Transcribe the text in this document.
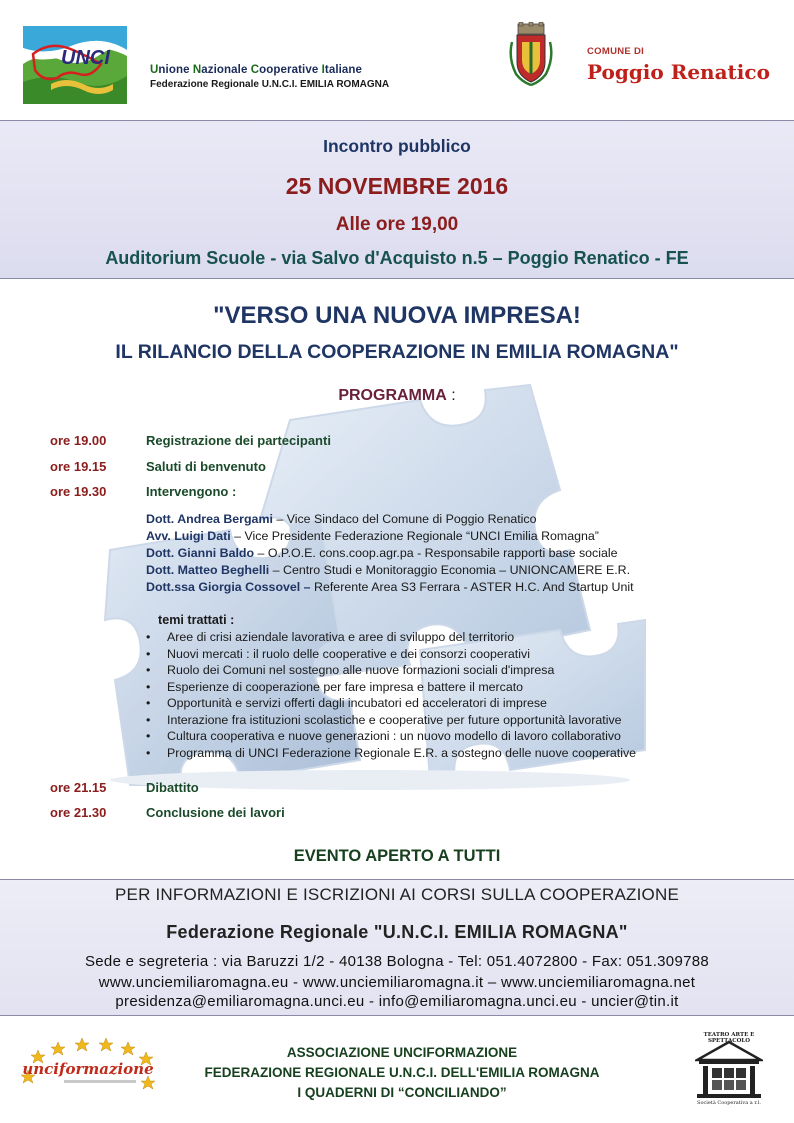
UNCI
Unione Nazionale Cooperative Italiane
Federazione Regionale U.N.C.I. EMILIA ROMAGNA
COMUNE DI
Poggio Renatico
Incontro pubblico
25 NOVEMBRE 2016
Alle ore 19,00
Auditorium Scuole - via Salvo d'Acquisto n.5 – Poggio Renatico - FE
"VERSO UNA NUOVA IMPRESA!
IL RILANCIO DELLA COOPERAZIONE IN EMILIA ROMAGNA"
PROGRAMMA :
ore 19.00	Registrazione dei partecipanti
ore 19.15	Saluti di benvenuto
ore 19.30	Intervengono :
Dott. Andrea Bergami – Vice Sindaco del Comune di Poggio Renatico
Avv. Luigi Dati – Vice Presidente Federazione Regionale “UNCI Emilia Romagna”
Dott. Gianni Baldo – O.P.O.E. cons.coop.agr.pa - Responsabile rapporti base sociale
Dott. Matteo Beghelli – Centro Studi e Monitoraggio Economia – UNIONCAMERE E.R.
Dott.ssa Giorgia Cossovel – Referente Area S3 Ferrara - ASTER H.C. And Startup Unit
temi trattati :
• Aree di crisi aziendale lavorativa e aree di sviluppo del territorio
• Nuovi mercati : il ruolo delle cooperative e dei consorzi cooperativi
• Ruolo dei Comuni nel sostegno alle nuove formazioni sociali d'impresa
• Esperienze di cooperazione per fare impresa e battere il mercato
• Opportunità e servizi offerti dagli incubatori ed acceleratori di imprese
• Interazione fra istituzioni scolastiche e cooperative per future opportunità lavorative
• Cultura cooperativa e nuove generazioni : un nuovo modello di lavoro collaborativo
• Programma di UNCI Federazione Regionale E.R. a sostegno delle nuove cooperative
ore 21.15	Dibattito
ore 21.30	Conclusione dei lavori
EVENTO APERTO A TUTTI
PER INFORMAZIONI E ISCRIZIONI AI CORSI SULLA COOPERAZIONE
Federazione Regionale "U.N.C.I. EMILIA ROMAGNA"
Sede e segreteria : via Baruzzi 1/2 - 40138 Bologna - Tel: 051.4072800 - Fax: 051.309788
www.unciemiliaromagna.eu - www.unciemiliaromagna.it – www.unciemiliaromagna.net
presidenza@emiliaromagna.unci.eu - info@emiliaromagna.unci.eu - uncier@tin.it
unciformazione
ASSOCIAZIONE UNCIFORMAZIONE
FEDERAZIONE REGIONALE U.N.C.I. DELL'EMILIA ROMAGNA
I QUADERNI DI “CONCILIANDO”
TEATRO ARTE E SPETTACOLO
Società Cooperativa a r.l.
